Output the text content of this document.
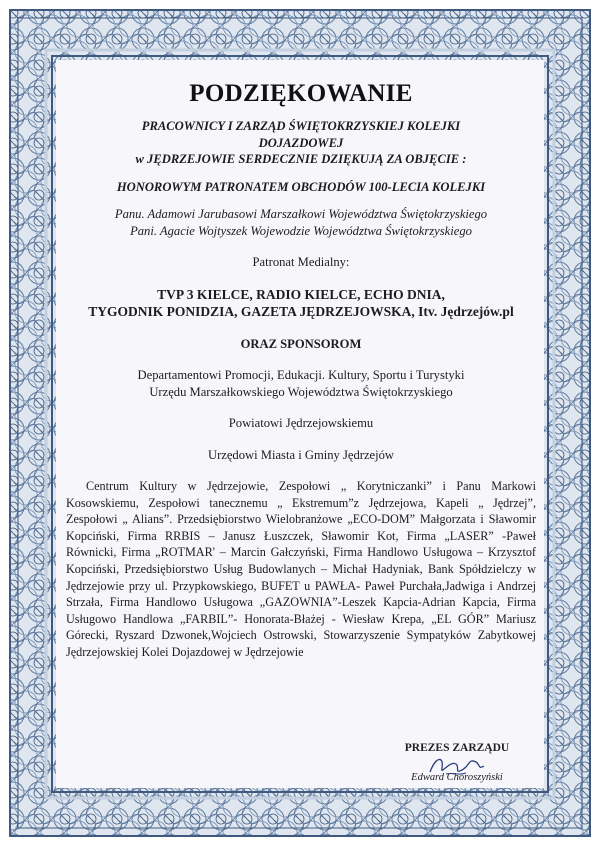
PODZIĘKOWANIE

PRACOWNICY I ZARZĄD ŚWIĘTOKRZYSKIEJ KOLEJKI

DOJAZDOWEJ

w JĘDRZEJOWIE SERDECZNIE DZIĘKUJĄ ZA OBJĘCIE :

HONOROWYM PATRONATEM OBCHODÓW 100-LECIA KOLEJKI

Panu. Adamowi Jarubasowi Marszałkowi Województwa Świętokrzyskiego

Pani. Agacie Wojtyszek Wojewodzie Województwa Świętokrzyskiego

Patronat Medialny:

TVP 3 KIELCE, RADIO KIELCE, ECHO DNIA,

TYGODNIK PONIDZIA, GAZETA JĘDRZEJOWSKA, Itv. Jędrzejów.pl

ORAZ SPONSOROM

Departamentowi Promocji, Edukacji. Kultury, Sportu i Turystyki

Urzędu Marszałkowskiego Województwa Świętokrzyskiego

Powiatowi Jędrzejowskiemu

Urzędowi Miasta i Gminy Jędrzejów

Centrum Kultury w Jędrzejowie, Zespołowi „ Korytniczanki” i Panu Markowi Kosowskiemu, Zespołowi tanecznemu „ Ekstremum”z Jędrzejowa, Kapeli „ Jędrzej”, Zespołowi „ Alians”. Przedsiębiorstwo Wielobranżowe „ECO-DOM” Małgorzata i Sławomir Kopciński, Firma RRBIS – Janusz Łuszczek, Sławomir Kot, Firma „LASER” -Paweł Równicki, Firma „ROTMAR' – Marcin Gałczyński, Firma Handlowo Usługowa – Krzysztof Kopciński, Przedsiębiorstwo Usług Budowlanych – Michał Hadyniak, Bank Spółdzielczy w Jędrzejowie przy ul. Przypkowskiego, BUFET u PAWŁA- Paweł Purchała,Jadwiga i Andrzej Strzała, Firma Handlowo Usługowa „GAZOWNIA”-Leszek Kapcia-Adrian Kapcia, Firma Usługowo Handlowa „FARBIL”- Honorata-Błażej - Wiesław Krepa, „EL GÓR” Mariusz Górecki, Ryszard Dzwonek,Wojciech Ostrowski, Stowarzyszenie Sympatyków Zabytkowej Jędrzejowskiej Kolei Dojazdowej w Jędrzejowie

PREZES ZARZĄDU

Edward Choroszyński
